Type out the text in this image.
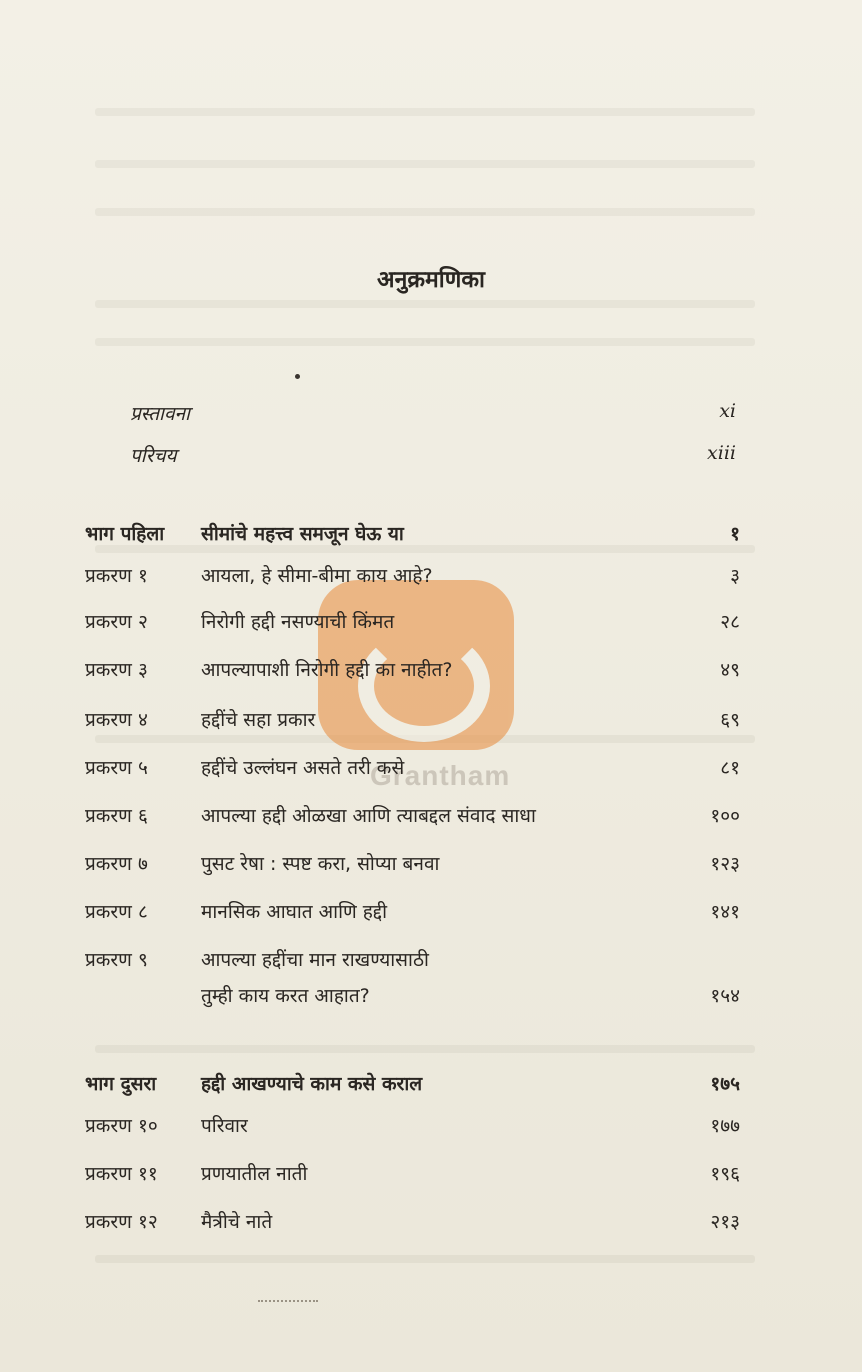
Grantham
अनुक्रमणिका
प्रस्तावना	xi
परिचय	xiii
भाग पहिला सीमांचे महत्त्व समजून घेऊ या	१
प्रकरण १	आयला, हे सीमा-बीमा काय आहे?	३
प्रकरण २	निरोगी हद्दी नसण्याची किंमत	२८
प्रकरण ३	आपल्यापाशी निरोगी हद्दी का नाहीत?	४९
प्रकरण ४	हद्दींचे सहा प्रकार	६९
प्रकरण ५	हद्दींचे उल्लंघन असते तरी कसे	८१
प्रकरण ६	आपल्या हद्दी ओळखा आणि त्याबद्दल संवाद साधा	१००
प्रकरण ७	पुसट रेषा : स्पष्ट करा, सोप्या बनवा	१२३
प्रकरण ८	मानसिक आघात आणि हद्दी	१४१
प्रकरण ९	आपल्या हद्दींचा मान राखण्यासाठी
तुम्ही काय करत आहात?	१५४
भाग दुसरा हद्दी आखण्याचे काम कसे कराल	१७५
प्रकरण १० परिवार	१७७
प्रकरण ११ प्रणयातील नाती	१९६
प्रकरण १२ मैत्रीचे नाते	२१३
